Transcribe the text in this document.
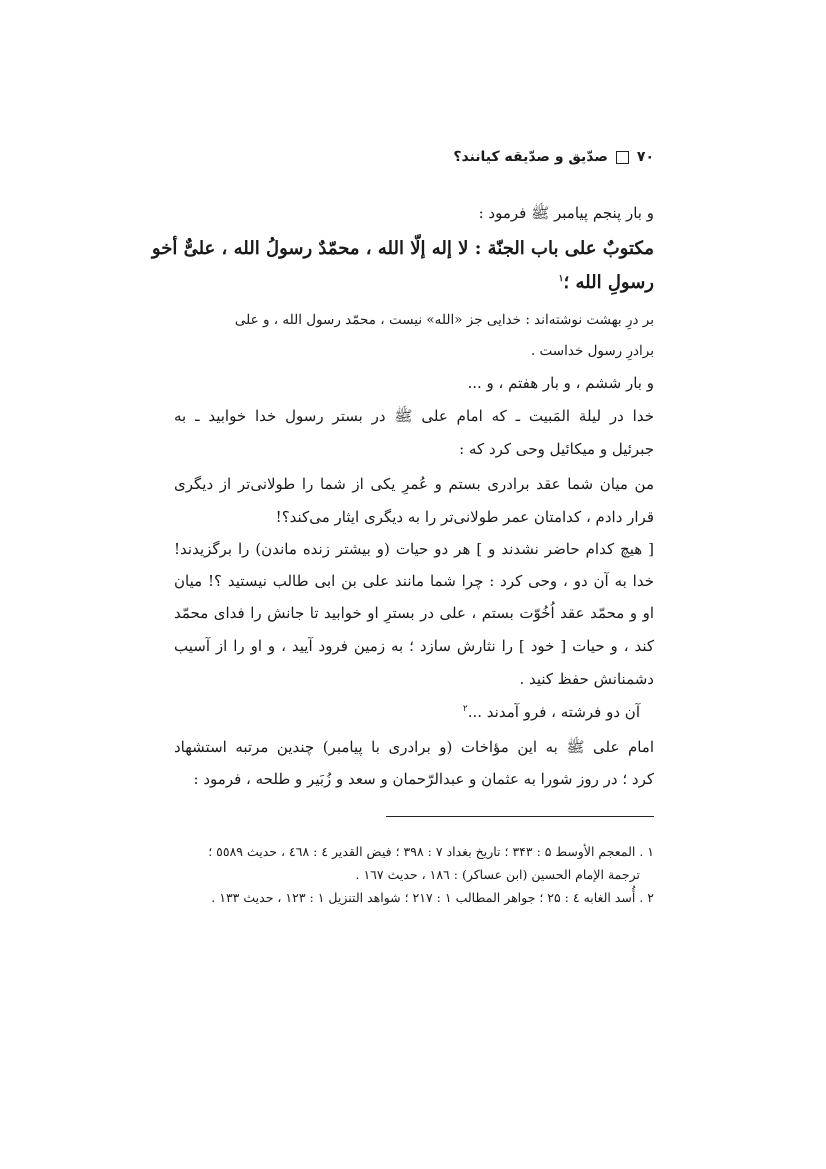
۷۰
صدّیق و صدّیقه کیانند؟
و بار پنجم پیامبر ﷺ فرمود :
مکتوبٌ علی باب الجنّة : لا إله إلّا الله ، محمّدٌ رسولُ الله ، علیٌّ أخو
رسولِ الله ؛$^۱$
بر درِ بهشت نوشته‌اند : خدایی جز «الله» نیست ، محمّد رسول الله ، و علی
برادرِ رسول خداست .
و بار ششم ، و بار هفتم ، و ...
خدا در لیلة المَبیت ـ که امام علی ﷺ در بستر رسول خدا خوابید ـ به
جبرئیل و میکائیل وحی کرد که :
من میان شما عقد برادری بستم و عُمرِ یکی از شما را طولانی‌تر از دیگری
قرار دادم ، کدامتان عمر طولانی‌تر را به دیگری ایثار می‌کند؟!
[ هیچ کدام حاضر نشدند و ] هر دو حیات (و بیشتر زنده ماندن) را برگزیدند!
خدا به آن دو ، وحی کرد : چرا شما مانند علی بن ابی طالب نیستید ؟! میان
او و محمّد عقد اُخُوّت بستم ، علی در بسترِ او خوابید تا جانش را فدای محمّد
کند ، و حیات [ خود ] را نثارش سازد ؛ به زمین فرود آیید ، و او را از آسیب
دشمنانش حفظ کنید .
آن دو فرشته ، فرو آمدند ...$^۲$
امام علی ﷺ به این مؤاخات (و برادری با پیامبر) چندین مرتبه استشهاد
کرد ؛ در روز شورا به عثمان و عبدالرّحمان و سعد و زُبَیر و طلحه ، فرمود :
۱ . المعجم الأوسط ۵ : ۳۴۳ ؛ تاریخ بغداد ۷ : ۳۹۸ ؛ فیض القدیر ٤ : ٤٦٨ ، حدیث ٥٥٨٩ ؛
ترجمة الإمام الحسین (ابن عساکر) : ۱۸٦ ، حدیث ۱٦۷ .
۲ . أُسد الغابه ٤ : ۲۵ ؛ جواهر المطالب ۱ : ۲۱۷ ؛ شواهد التنزیل ۱ : ۱۲۳ ، حدیث ۱۳۳ .
